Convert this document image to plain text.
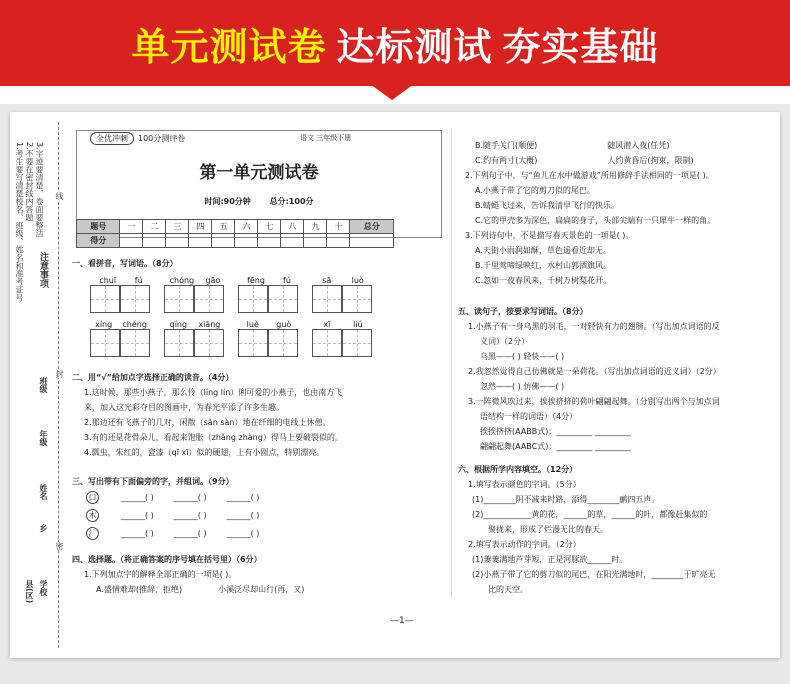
单元测试卷 达标测试 夯实基础
1.考生要写清楚校名、班级、姓名和准考证号 2.不要在密封线内答题 3.字迹要清楚，卷面要整洁
注意事项
线
封
密
班级
年级
姓名
乡
学校
县(区)
全优冲刺	100分测评卷	语文 三年级下册
第一单元测试卷
时间:90分钟 总分:100分
题号	一	二	三	四	五	六	七	八	九	十	总分
得分											
一、看拼音，写词语。（8分）
chuī fú	chóng gāo	fēng fú	sā	luò
xíng chéng	qíng xiāng	luè guò	xī	liú
二、用“√”给加点字选择正确的读音。（4分）
1.这时候，那些小燕子，那么伶（líng lín）俐可爱的小燕子，也由南方飞
来，加入这光彩夺目的图画中，为春光平添了许多生趣。
2.那边还有飞燕子的几对，闲散（sǎn sàn）地在纤细的电线上休憩。
3.有的还是花骨朵儿，看起来饱胀（zhǎng zhàng）得马上要破裂似的。
4.瓢虫，朱红的，瓷漆（qī xī）似的硬翅，上有小圆点，特别漂亮。
三、写出带有下面偏旁的字，并组词。（9分）
口	______( )	______( )	______( )
木	______( )	______( )	______( )
氵	______( )	______( )	______( )
四、选择题。（将正确答案的序号填在括号里）（6分）
1.下列加点字的解释全部正确的一项是( )。
A.盛情难却(推辞，拒绝)	小溪泛尽却山行(再，又)
—1—
B.随手关门(顺便)	随风潜入夜(任凭)
C.约有两寸(大概)	人约黄昏后(拘束，限制)
2.下列句子中，与“鱼儿在水中做游戏”所用修辞手法相同的一项是( )。
A.小燕子带了它的剪刀似的尾巴。
B.蜻蜓飞过来，告诉我清早飞行的快乐。
C.它的甲壳多为深色，扁扁的身子，头部尖端有一只犀牛一样的角。
3.下列诗句中，不是描写春天景色的一项是( )。
A.天街小雨润如酥，草色遥看近却无。
B.千里莺啼绿映红，水村山郭酒旗风。
C.忽如一夜春风来，千树万树梨花开。
五、读句子，按要求写词语。（8分）
1.小燕子有一身乌黑的羽毛，一对轻快有力的翅膀。（写出加点词语的反
义词）（2分）
乌黑——( ) 轻快——( )
2.我忽然觉得自己仿佛就是一朵荷花。（写出加点词语的近义词）（2分）
忽然——( ) 仿佛——( )
3.一阵微风吹过来，挨挨挤挤的荷叶翩翩起舞。（分别写出两个与加点词
语结构一样的词语）（4分）
挨挨挤挤(AABB式)：_________ _________
翩翩起舞(AABC式)：_________ _________
六、根据所学内容填空。（12分）
1.填写表示颜色的字词。（5分）
(1)________阴不减来时路，添得________鹂四五声。
(2)____________黄的花，______的草，______的叶，都像赶集似的
聚拢来，形成了烂漫无比的春天。
2.填写表示动作的字词。（2分）
(1)萋萋满地芦芽短，正是河豚欲______时。
(2)小燕子带了它的剪刀似的尾巴，在阳光满地时，________于旷亮无
比的天空。
